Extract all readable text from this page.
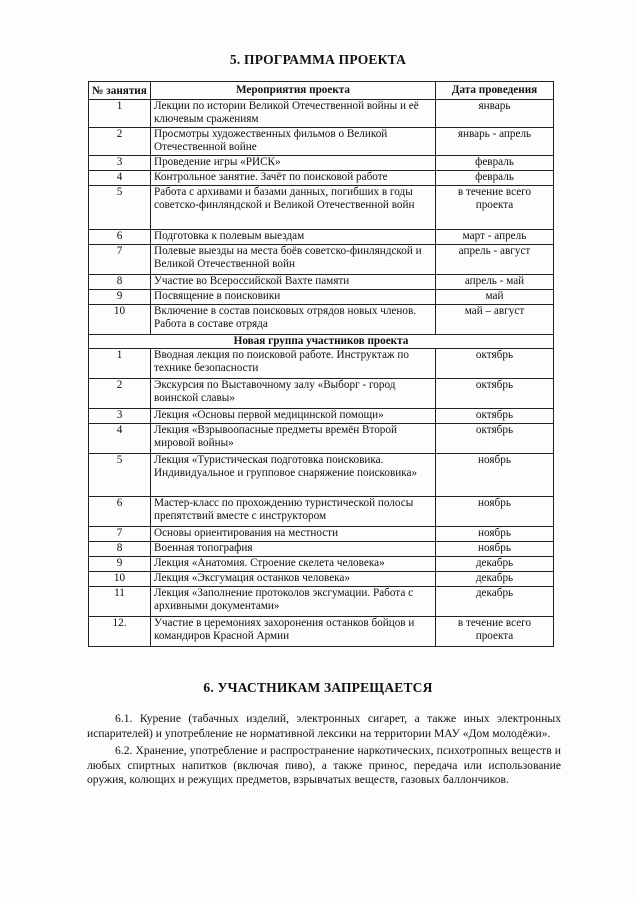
5. ПРОГРАММА ПРОЕКТА
№ занятия	Мероприятия проекта	Дата проведения
1	Лекции по истории Великой Отечественной войны и её ключевым сражениям	январь
2	Просмотры художественных фильмов о Великой Отечественной войне	январь - апрель
3	Проведение игры «РИСК»	февраль
4	Контрольное занятие. Зачёт по поисковой работе	февраль
5	Работа с архивами и базами данных, погибших в годы советско-финляндской и Великой Отечественной войн	в течение всего проекта
6	Подготовка к полевым выездам	март - апрель
7	Полевые выезды на места боёв советско-финляндской и Великой Отечественной войн	апрель - август
8	Участие во Всероссийской Вахте памяти	апрель - май
9	Посвящение в поисковики	май
10	Включение в состав поисковых отрядов новых членов. Работа в составе отряда	май – август
Новая группа участников проекта		
1	Вводная лекция по поисковой работе. Инструктаж по технике безопасности	октябрь
2	Экскурсия по Выставочному залу «Выборг - город воинской славы»	октябрь
3	Лекция «Основы первой медицинской помощи»	октябрь
4	Лекция «Взрывоопасные предметы времён Второй мировой войны»	октябрь
5	Лекция «Туристическая подготовка поисковика. Индивидуальное и групповое снаряжение поисковика»	ноябрь
6	Мастер-класс по прохождению туристической полосы препятствий вместе с инструктором	ноябрь
7	Основы ориентирования на местности	ноябрь
8	Военная топография	ноябрь
9	Лекция «Анатомия. Строение скелета человека»	декабрь
10	Лекция «Эксгумация останков человека»	декабрь
11	Лекция «Заполнение протоколов эксгумации. Работа с архивными документами»	декабрь
12.	Участие в церемониях захоронения останков бойцов и командиров Красной Армии	в течение всего проекта
6. УЧАСТНИКАМ ЗАПРЕЩАЕТСЯ

6.1. Курение (табачных изделий, электронных сигарет, а также иных электронных испарителей) и употребление не нормативной лексики на территории МАУ «Дом молодёжи».

6.2. Хранение, употребление и распространение наркотических, психотропных веществ и любых спиртных напитков (включая пиво), а также принос, передача или использование оружия, колющих и режущих предметов, взрывчатых веществ, газовых баллончиков.
